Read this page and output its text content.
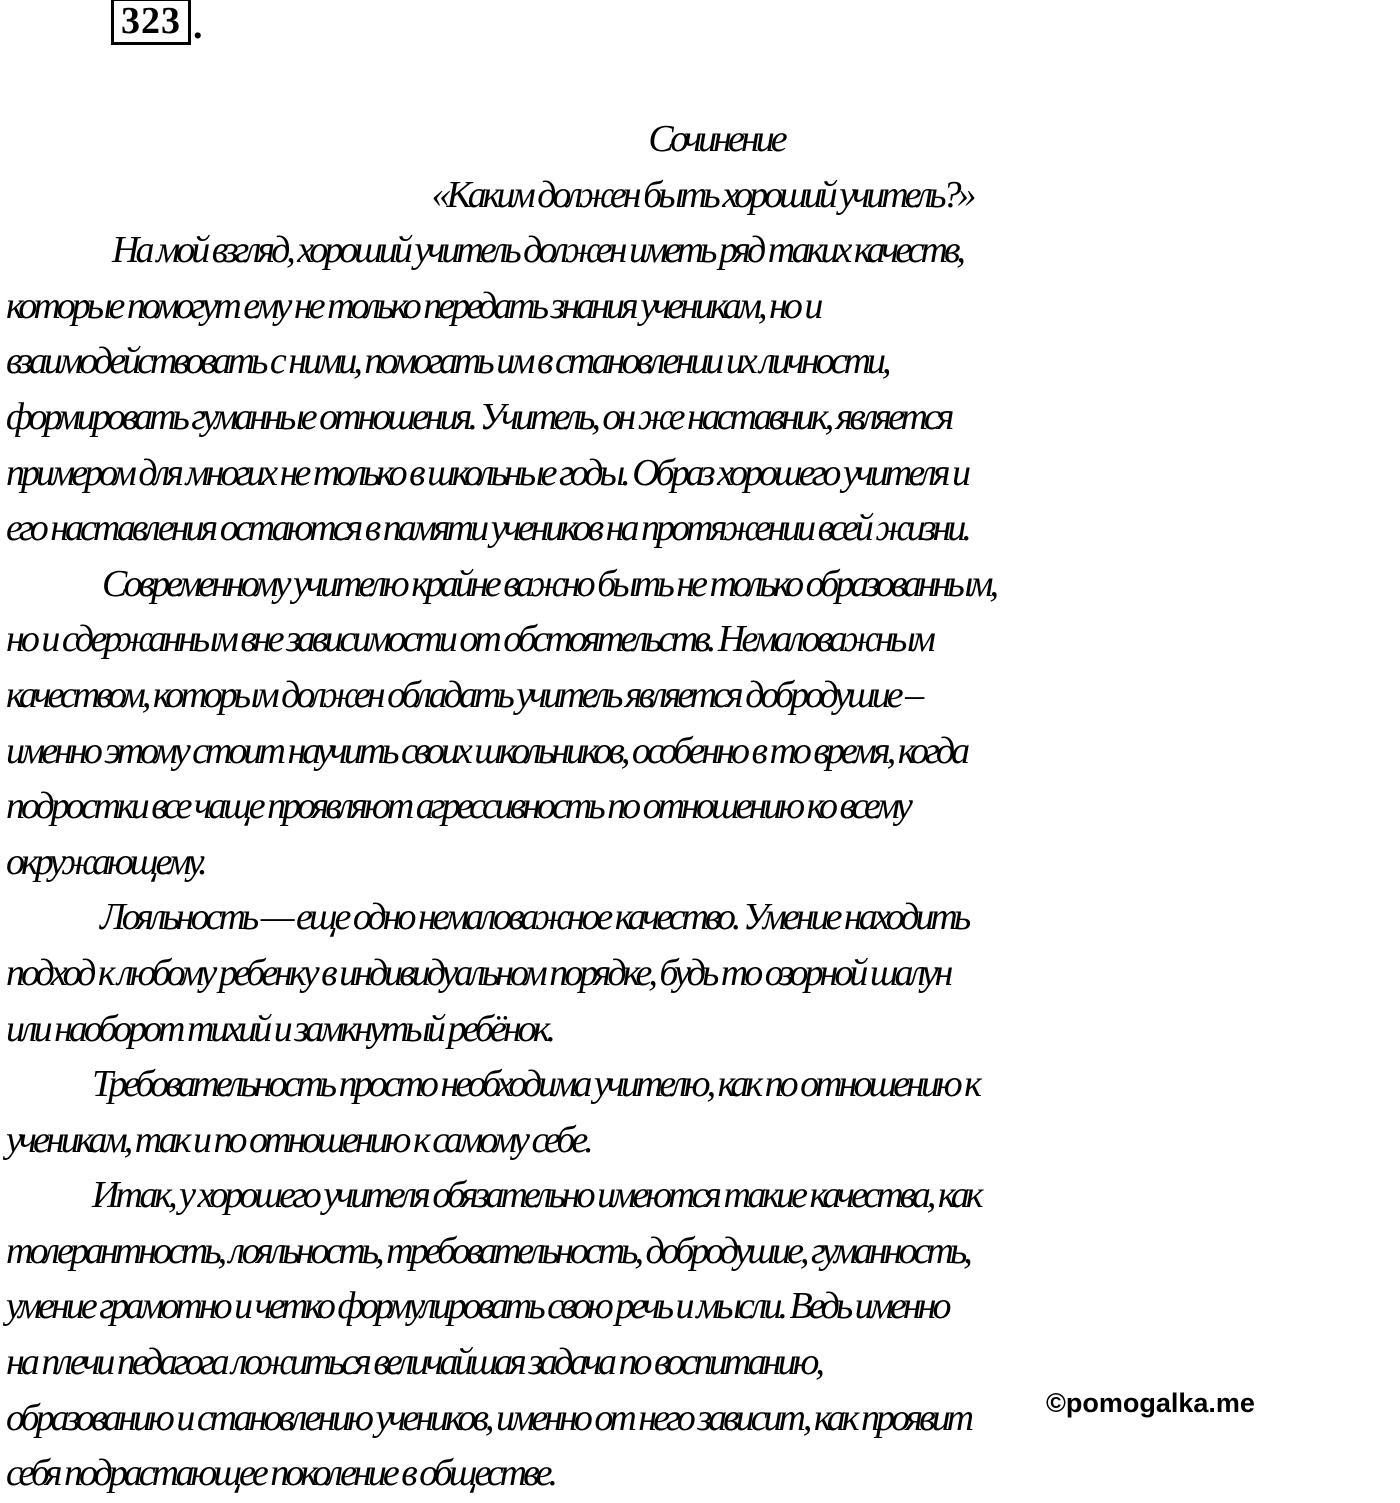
323 .
Сочинение
«Каким должен быть хороший учитель?»
На мой взгляд, хороший учитель должен иметь ряд таких качеств,
которые помогут ему не только передать знания ученикам, но и
взаимодействовать с ними, помогать им в становлении их личности,
формировать гуманные отношения. Учитель, он же наставник, является
примером для многих не только в школьные годы. Образ хорошего учителя и
его наставления остаются в памяти учеников на протяжении всей жизни.
Современному учителю крайне важно быть не только образованным,
но и сдержанным вне зависимости от обстоятельств. Немаловажным
качеством, которым должен обладать учитель является добродушие –
именно этому стоит научить своих школьников, особенно в то время, когда
подростки все чаще проявляют агрессивность по отношению ко всему
окружающему.
Лояльность — еще одно немаловажное качество. Умение находить
подход к любому ребенку в индивидуальном порядке, будь то озорной шалун
или наоборот тихий и замкнутый ребёнок.
Требовательность просто необходима учителю, как по отношению к
ученикам, так и по отношению к самому себе.
Итак, у хорошего учителя обязательно имеются такие качества, как
толерантность, лояльность, требовательность, добродушие, гуманность,
умение грамотно и четко формулировать свою речь и мысли. Ведь именно
на плечи педагога ложиться величайшая задача по воспитанию,
образованию и становлению учеников, именно от него зависит, как проявит
себя подрастающее поколение в обществе.
©pomogalka.me
